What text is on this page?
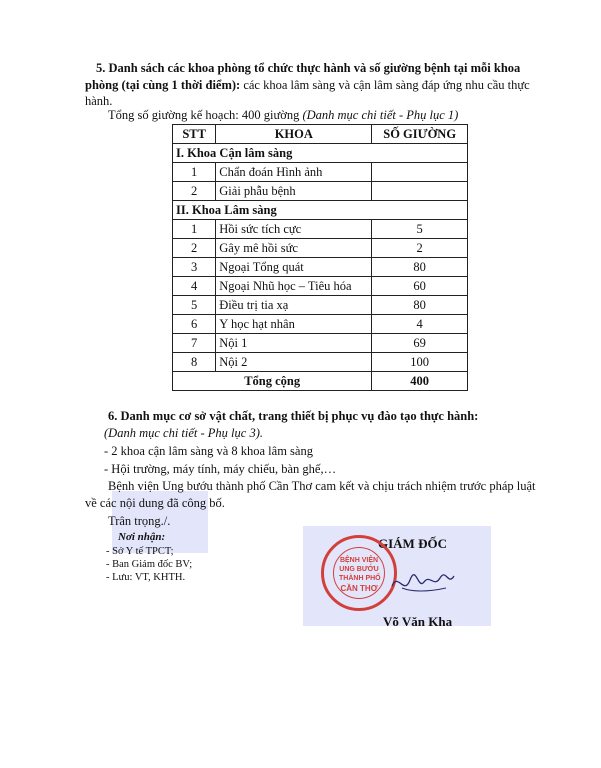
5. Danh sách các khoa phòng tổ chức thực hành và số giường bệnh tại mỗi khoa
phòng (tại cùng 1 thời điểm): các khoa lâm sàng và cận lâm sàng đáp ứng nhu cầu thực
hành.
Tổng số giường kế hoạch: 400 giường (Danh mục chi tiết - Phụ lục 1)
STT	KHOA	SỐ GIƯỜNG
I. Khoa Cận lâm sàng		
1	Chẩn đoán Hình ảnh	
2	Giải phẫu bệnh	
II. Khoa Lâm sàng		
1	Hồi sức tích cực	5
2	Gây mê hồi sức	2
3	Ngoại Tổng quát	80
4	Ngoại Nhũ học – Tiêu hóa	60
5	Điều trị tia xạ	80
6	Y học hạt nhân	4
7	Nội 1	69
8	Nội 2	100
Tổng cộng		400
6. Danh mục cơ sở vật chất, trang thiết bị phục vụ đào tạo thực hành:
(Danh mục chi tiết - Phụ lục 3).
- 2 khoa cận lâm sàng và 8 khoa lâm sàng
- Hội trường, máy tính, máy chiếu, bàn ghế,…
Bệnh viện Ung bướu thành phố Cần Thơ cam kết và chịu trách nhiệm trước pháp luật
về các nội dung đã công bố.
Trân trọng./.
Nơi nhận:
- Sở Y tế TPCT;
- Ban Giám đốc BV;
- Lưu: VT, KHTH.
GIÁM ĐỐC
BỆNH VIỆN
UNG BƯỚU
THÀNH PHỐ
CẦN THƠ
Võ Văn Kha
